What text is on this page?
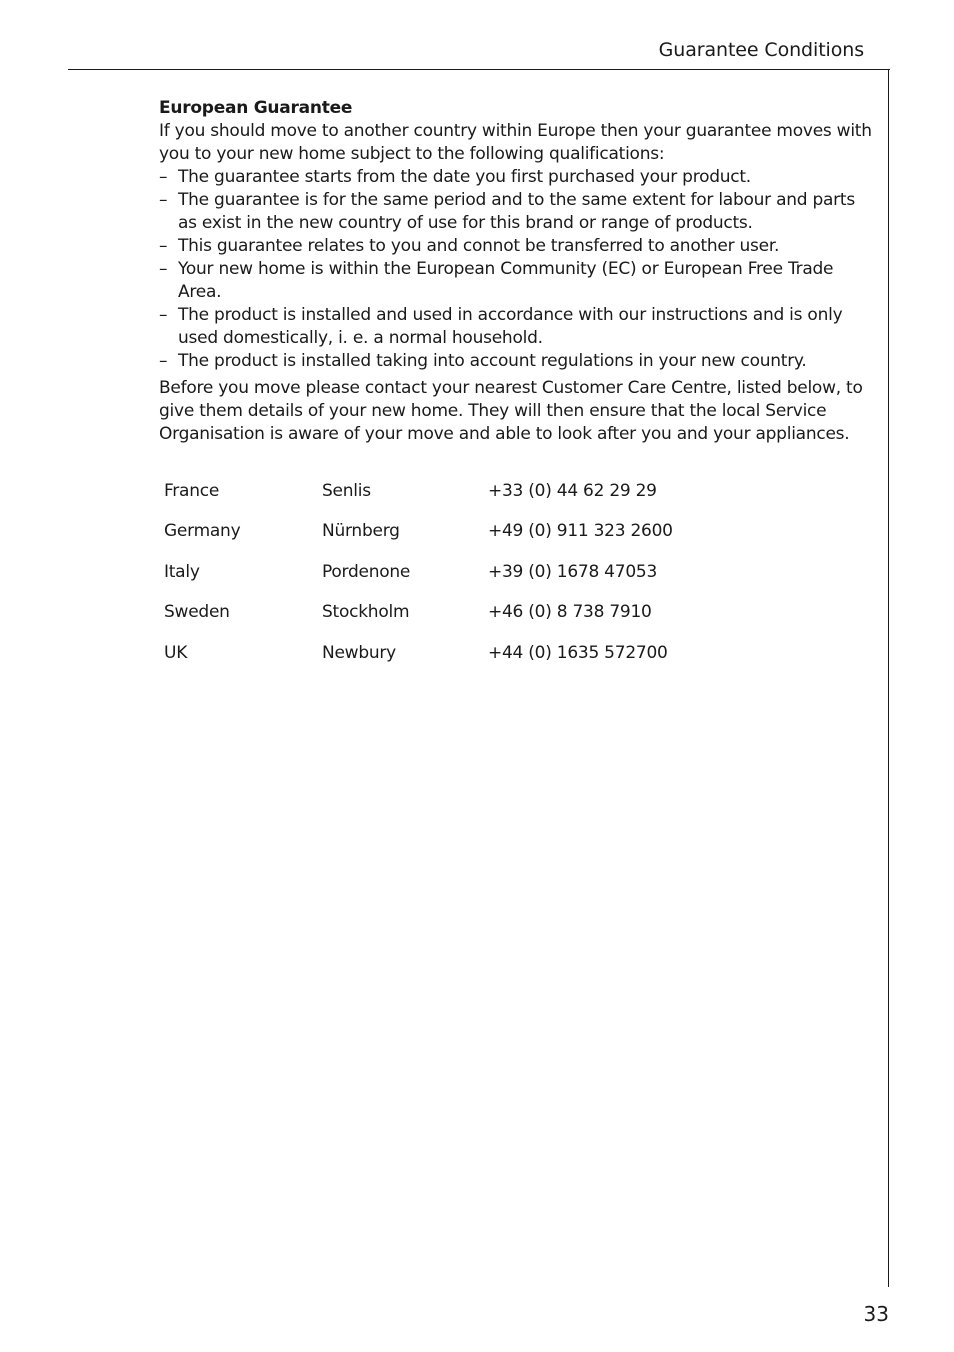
Guarantee Conditions

European Guarantee

If you should move to another country within Europe then your guarantee moves with you to your new home subject to the following qualifications:

– The guarantee starts from the date you first purchased your product.
– The guarantee is for the same period and to the same extent for labour and parts as exist in the new country of use for this brand or range of products.
– This guarantee relates to you and connot be transferred to another user.
– Your new home is within the European Community (EC) or European Free Trade Area.
– The product is installed and used in accordance with our instructions and is only used domestically, i. e. a normal household.
– The product is installed taking into account regulations in your new country.

Before you move please contact your nearest Customer Care Centre, listed below, to give them details of your new home. They will then ensure that the local Service Organisation is aware of your move and able to look after you and your appliances.

France	Senlis	+33 (0) 44 62 29 29
Germany	Nürnberg	+49 (0) 911 323 2600
Italy	Pordenone	+39 (0) 1678 47053
Sweden	Stockholm	+46 (0) 8 738 7910
UK	Newbury	+44 (0) 1635 572700
33
